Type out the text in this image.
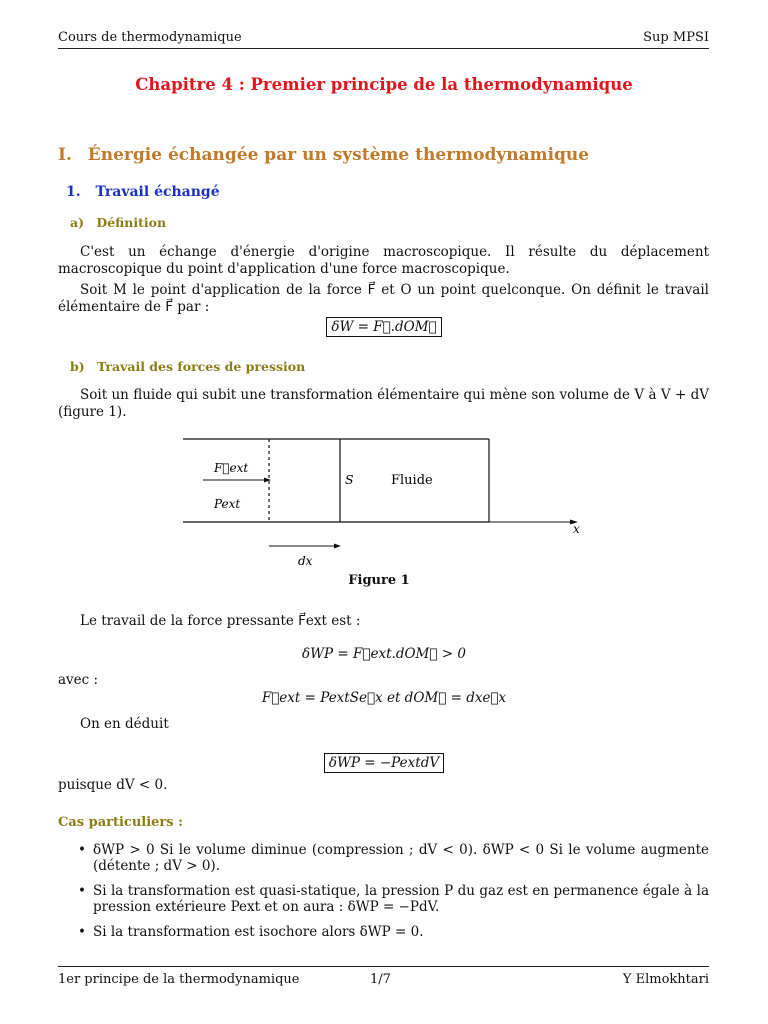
Cours de thermodynamique	Sup MPSI
Chapitre 4 : Premier principe de la thermodynamique
I. Énergie échangée par un système thermodynamique
1. Travail échangé
a) Définition
C'est un échange d'énergie d'origine macroscopique. Il résulte du déplacement macroscopique du point d'application d'une force macroscopique.
Soit M le point d'application de la force F⃗ et O un point quelconque. On définit le travail élémentaire de F⃗ par :
δW = F⃗.dOM⃗
b) Travail des forces de pression
Soit un fluide qui subit une transformation élémentaire qui mène son volume de V à V + dV (figure 1).
F⃗ext
Pext
S	Fluide
x
dx
Figure 1
Le travail de la force pressante F⃗ext est :
δWP = F⃗ext.dOM⃗ > 0
avec :
F⃗ext = PextSe⃗x et dOM⃗ = dxe⃗x
On en déduit
δWP = −PextdV
puisque dV < 0.
Cas particuliers :
• δWP > 0 Si le volume diminue (compression ; dV < 0). δWP < 0 Si le volume augmente (détente ; dV > 0).
• Si la transformation est quasi-statique, la pression P du gaz est en permanence égale à la pression extérieure Pext et on aura : δWP = −PdV.
• Si la transformation est isochore alors δWP = 0.
1er principe de la thermodynamique	1/7	Y Elmokhtari
